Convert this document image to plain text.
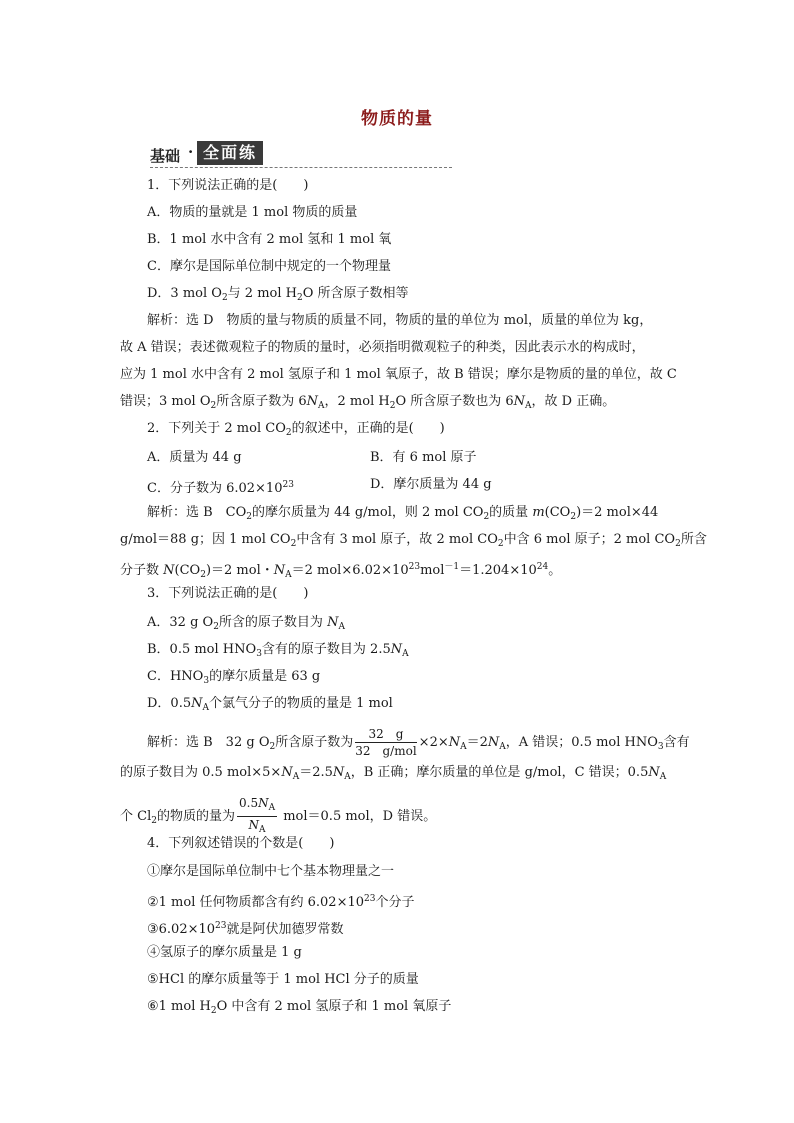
物质的量
基础 · 全面练
1．下列说法正确的是(　　)
A．物质的量就是 1 mol 物质的质量
B．1 mol 水中含有 2 mol 氢和 1 mol 氧
C．摩尔是国际单位制中规定的一个物理量
D．3 mol $O_2$与 2 mol $H_2O$ 所含原子数相等
解析：选 D　物质的量与物质的质量不同，物质的量的单位为 mol，质量的单位为 kg，
故 A 错误；表述微观粒子的物质的量时，必须指明微观粒子的种类，因此表示水的构成时，
应为 1 mol 水中含有 2 mol 氢原子和 1 mol 氧原子，故 B 错误；摩尔是物质的量的单位，故 C
错误；3 mol $O_2$所含原子数为 $6N_A$，2 mol $H_2O$ 所含原子数也为 $6N_A$，故 D 正确。
2．下列关于 2 mol $CO_2$的叙述中，正确的是(　　)
A．质量为 44 g	B．有 6 mol 原子
C．分子数为 $6.02\times 10^{23}$	D．摩尔质量为 44 g
解析：选 B　$CO_2$的摩尔质量为 44 g/mol，则 2 mol $CO_2$的质量 $m(CO_2)=2$ mol×44
g/mol＝88 g；因 1 mol $CO_2$中含有 3 mol 原子，故 2 mol $CO_2$中含 6 mol 原子；2 mol $CO_2$所含
分子数 $N(CO_2)=2$ mol・$N_A=2$ $mol\times 6.02\times 10^{23}mol^{-1}=1.204\times 10^{24}$。
3．下列说法正确的是(　　)
A．32 g $O_2$所含的原子数目为 $N_A$
B．0.5 mol $HNO_3$含有的原子数目为 $2.5N_A$
C．$HNO_3$的摩尔质量是 63 g
D．$0.5N_A$个氯气分子的物质的量是 1 mol
解析：选 B　32 g $O_2$所含原子数为 $\frac{32 g}{\text{32　g/mol}} \times 2\times N_A=2N_A$，A 错误；0.5 mol $HNO_3$含有
的原子数目为 0.5 $mol\times 5\times N_A=2.5N_A$，B 正确；摩尔质量的单位是 g/mol，C 错误；$0.5N_A$
个 $Cl_2$的物质的量为 $\frac{0.5N_A}{N_A} mol=0.5$ mol，D 错误。
4．下列叙述错误的个数是(　　)
①摩尔是国际单位制中七个基本物理量之一
②1 mol 任何物质都含有约 $6.02\times 10^{23}$个分子
$③6.02\times 10^{23}$就是阿伏加德罗常数
④氢原子的摩尔质量是 1 g
⑤HCl 的摩尔质量等于 1 mol HCl 分子的质量
⑥1 mol $H_2O$ 中含有 2 mol 氢原子和 1 mol 氧原子
